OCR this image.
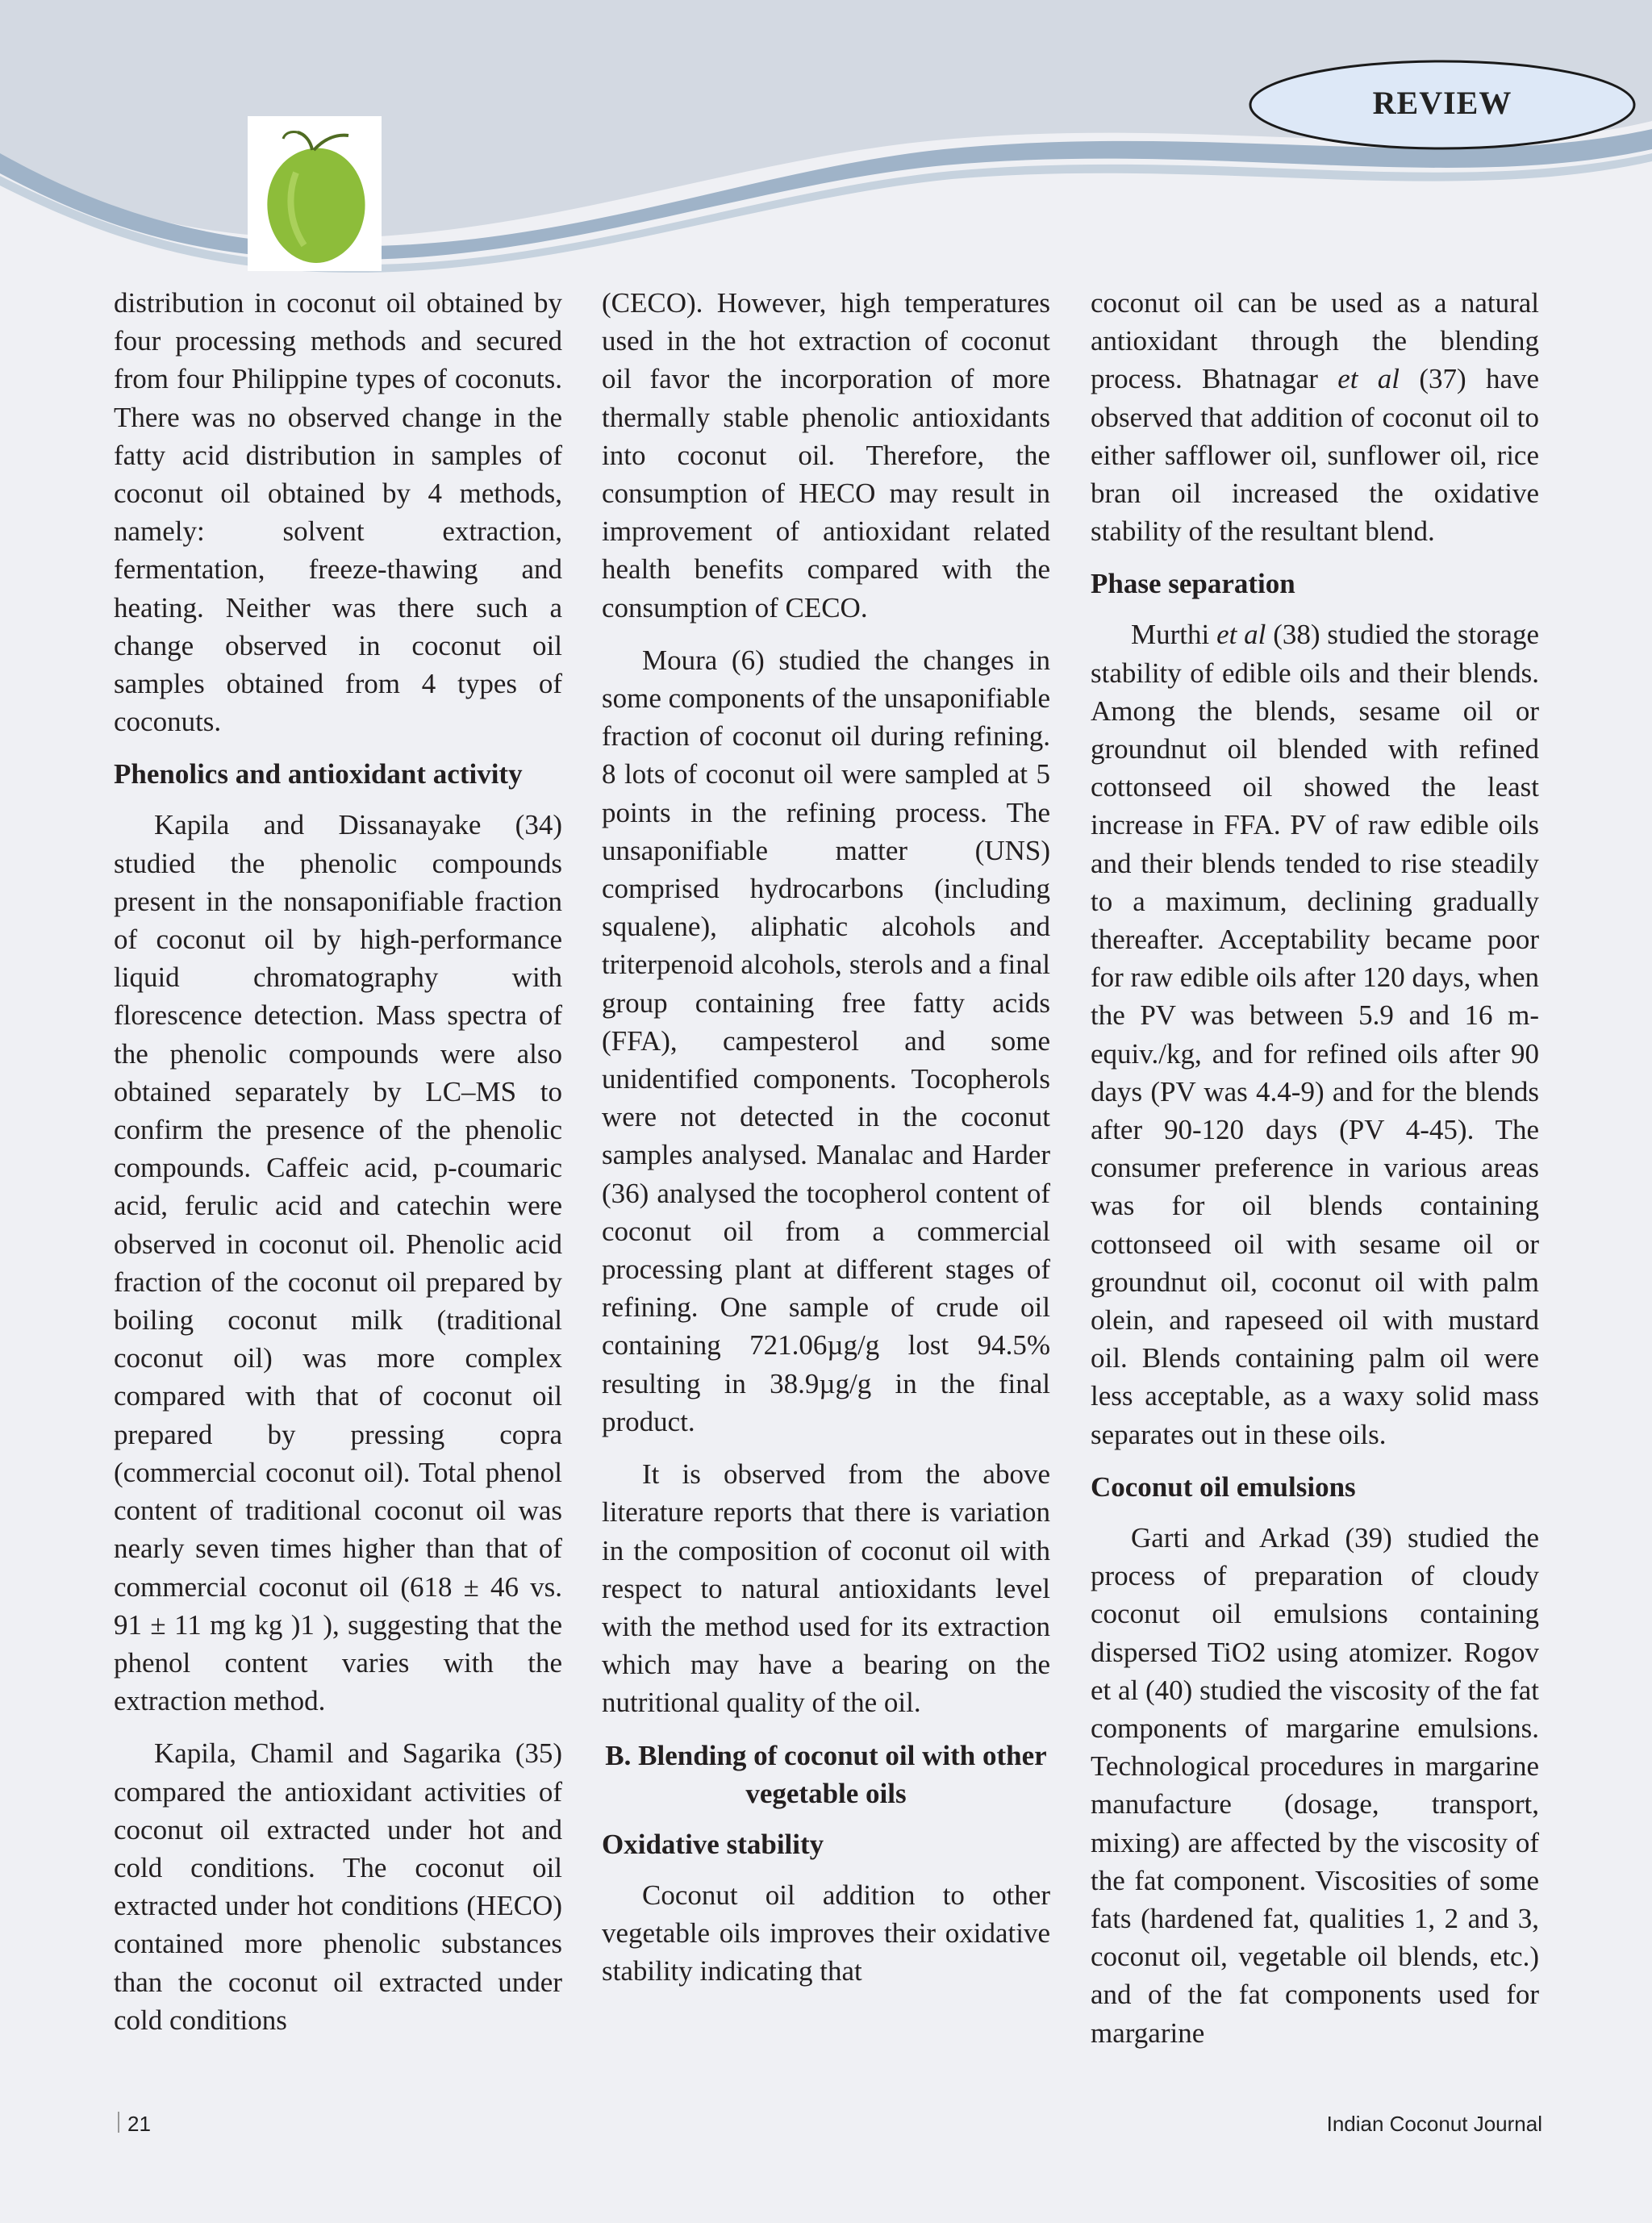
REVIEW

distribution in coconut oil obtained by four processing methods and secured from four Philippine types of coconuts. There was no observed change in the fatty acid distribution in samples of coconut oil obtained by 4 methods, namely: solvent extraction, fermentation, freeze-thawing and heating. Neither was there such a change observed in coconut oil samples obtained from 4 types of coconuts.

Phenolics and antioxidant activity

Kapila and Dissanayake (34) studied the phenolic compounds present in the nonsaponifiable fraction of coconut oil by high-performance liquid chromatography with florescence detection. Mass spectra of the phenolic compounds were also obtained separately by LC–MS to confirm the presence of the phenolic compounds. Caffeic acid, p-coumaric acid, ferulic acid and catechin were observed in coconut oil. Phenolic acid fraction of the coconut oil prepared by boiling coconut milk (traditional coconut oil) was more complex compared with that of coconut oil prepared by pressing copra (commercial coconut oil). Total phenol content of traditional coconut oil was nearly seven times higher than that of commercial coconut oil (618 ± 46 vs. 91 ± 11 mg kg )1 ), suggesting that the phenol content varies with the extraction method.

Kapila, Chamil and Sagarika (35) compared the antioxidant activities of coconut oil extracted under hot and cold conditions. The coconut oil extracted under hot conditions (HECO) contained more phenolic substances than the coconut oil extracted under cold conditions

(CECO). However, high temperatures used in the hot extraction of coconut oil favor the incorporation of more thermally stable phenolic antioxidants into coconut oil. Therefore, the consumption of HECO may result in improvement of antioxidant related health benefits compared with the consumption of CECO.

Moura (6) studied the changes in some components of the unsaponifiable fraction of coconut oil during refining. 8 lots of coconut oil were sampled at 5 points in the refining process. The unsaponifiable matter (UNS) comprised hydrocarbons (including squalene), aliphatic alcohols and triterpenoid alcohols, sterols and a final group containing free fatty acids (FFA), campesterol and some unidentified components. Tocopherols were not detected in the coconut samples analysed. Manalac and Harder (36) analysed the tocopherol content of coconut oil from a commercial processing plant at different stages of refining. One sample of crude oil containing 721.06µg/g lost 94.5% resulting in 38.9µg/g in the final product.

It is observed from the above literature reports that there is variation in the composition of coconut oil with respect to natural antioxidants level with the method used for its extraction which may have a bearing on the nutritional quality of the oil.

B. Blending of coconut oil with other vegetable oils
Oxidative stability

Coconut oil addition to other vegetable oils improves their oxidative stability indicating that

coconut oil can be used as a natural antioxidant through the blending process. Bhatnagar et al (37) have observed that addition of coconut oil to either safflower oil, sunflower oil, rice bran oil increased the oxidative stability of the resultant blend.

Phase separation

Murthi et al (38) studied the storage stability of edible oils and their blends. Among the blends, sesame oil or groundnut oil blended with refined cottonseed oil showed the least increase in FFA. PV of raw edible oils and their blends tended to rise steadily to a maximum, declining gradually thereafter. Acceptability became poor for raw edible oils after 120 days, when the PV was between 5.9 and 16 m-equiv./kg, and for refined oils after 90 days (PV was 4.4-9) and for the blends after 90-120 days (PV 4-45). The consumer preference in various areas was for oil blends containing cottonseed oil with sesame oil or groundnut oil, coconut oil with palm olein, and rapeseed oil with mustard oil. Blends containing palm oil were less acceptable, as a waxy solid mass separates out in these oils.

Coconut oil emulsions

Garti and Arkad (39) studied the process of preparation of cloudy coconut oil emulsions containing dispersed TiO2 using atomizer. Rogov et al (40) studied the viscosity of the fat components of margarine emulsions. Technological procedures in margarine manufacture (dosage, transport, mixing) are affected by the viscosity of the fat component. Viscosities of some fats (hardened fat, qualities 1, 2 and 3, coconut oil, vegetable oil blends, etc.) and of the fat components used for margarine

21	Indian Coconut Journal
